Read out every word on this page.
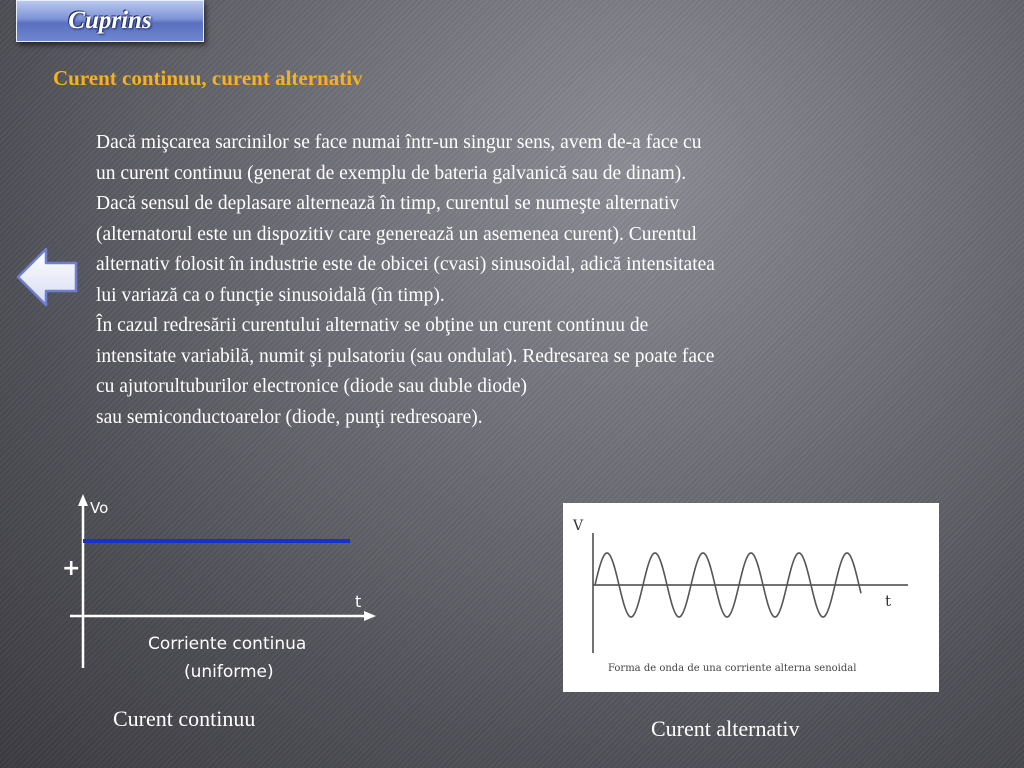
Cuprins
Curent continuu, curent alternativ
Dacă mişcarea sarcinilor se face numai într-un singur sens, avem de-a face cu
un curent continuu (generat de exemplu de bateria galvanică sau de dinam).
Dacă sensul de deplasare alternează în timp, curentul se numeşte alternativ
(alternatorul este un dispozitiv care generează un asemenea curent). Curentul
alternativ folosit în industrie este de obicei (cvasi) sinusoidal, adică intensitatea
lui variază ca o funcţie sinusoidală (în timp).
În cazul redresării curentului alternativ se obţine un curent continuu de
intensitate variabilă, numit şi pulsatoriu (sau ondulat). Redresarea se poate face
cu ajutorultuburilor electronice (diode sau duble diode)
sau semiconductoarelor (diode, punţi redresoare).
Vo
+
t
Corriente continua
(uniforme)
V
t
Forma de onda de una corriente alterna senoidal

Curent continuu	Curent alternativ
